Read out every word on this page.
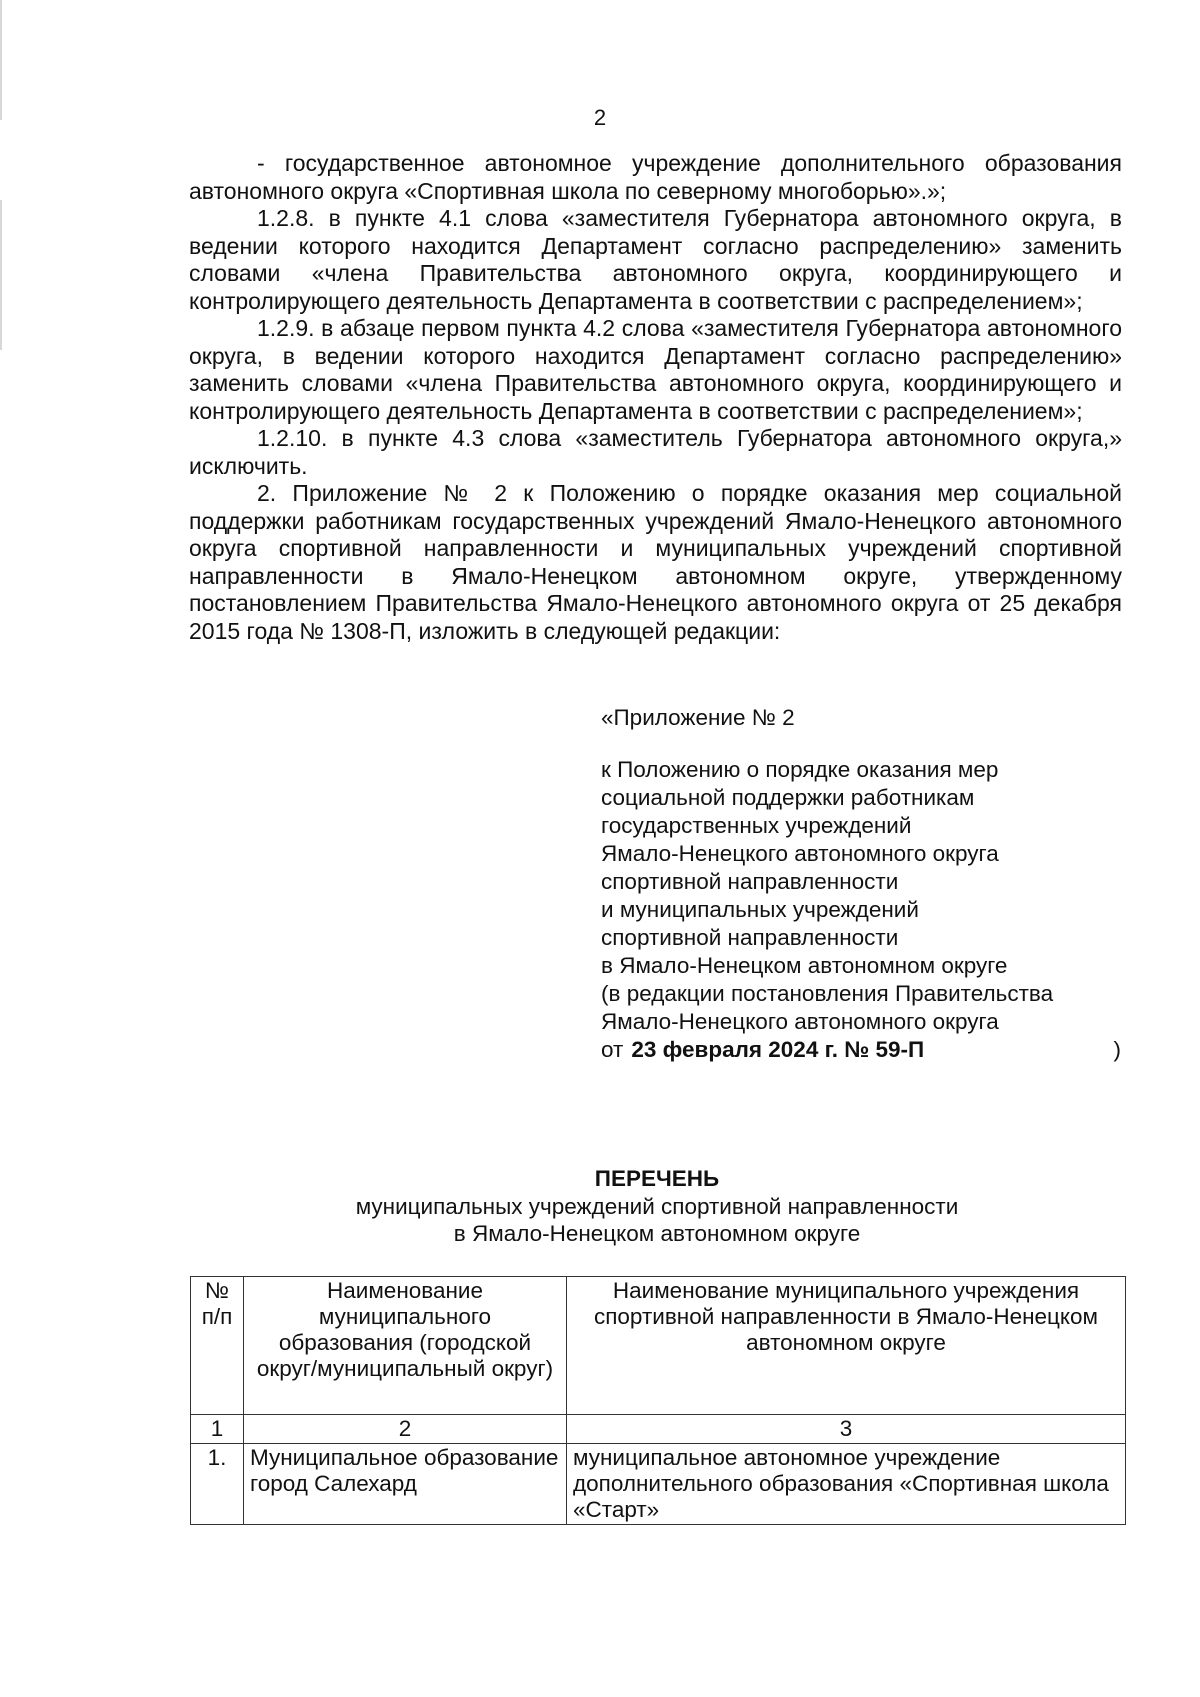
2

- государственное автономное учреждение дополнительного образования автономного округа «Спортивная школа по северному многоборью».»;

1.2.8. в пункте 4.1 слова «заместителя Губернатора автономного округа, в ведении которого находится Департамент согласно распределению» заменить словами «члена Правительства автономного округа, координирующего и контролирующего деятельность Департамента в соответствии с распределением»;

1.2.9. в абзаце первом пункта 4.2 слова «заместителя Губернатора автономного округа, в ведении которого находится Департамент согласно распределению» заменить словами «члена Правительства автономного округа, координирующего и контролирующего деятельность Департамента в соответствии с распределением»;

1.2.10. в пункте 4.3 слова «заместитель Губернатора автономного округа,» исключить.

2. Приложение № 2 к Положению о порядке оказания мер социальной поддержки работникам государственных учреждений Ямало-Ненецкого автономного округа спортивной направленности и муниципальных учреждений спортивной направленности в Ямало-Ненецком автономном округе, утвержденному постановлением Правительства Ямало-Ненецкого автономного округа от 25 декабря 2015 года № 1308-П, изложить в следующей редакции:

«Приложение № 2
к Положению о порядке оказания мер
социальной поддержки работникам
государственных учреждений
Ямало-Ненецкого автономного округа
спортивной направленности
и муниципальных учреждений
спортивной направленности
в Ямало-Ненецком автономном округе
(в редакции постановления Правительства
Ямало-Ненецкого автономного округа
от 23 февраля 2024 г. № 59-П	)
ПЕРЕЧЕНЬ
муниципальных учреждений спортивной направленности
в Ямало-Ненецком автономном округе
№ п/п	Наименование муниципального образования (городской округ/муниципальный округ)	Наименование муниципального учреждения спортивной направленности в Ямало-Ненецком автономном округе
1	2	3
1.	Муниципальное образование город Салехард	муниципальное автономное учреждение дополнительного образования «Спортивная школа «Старт»
